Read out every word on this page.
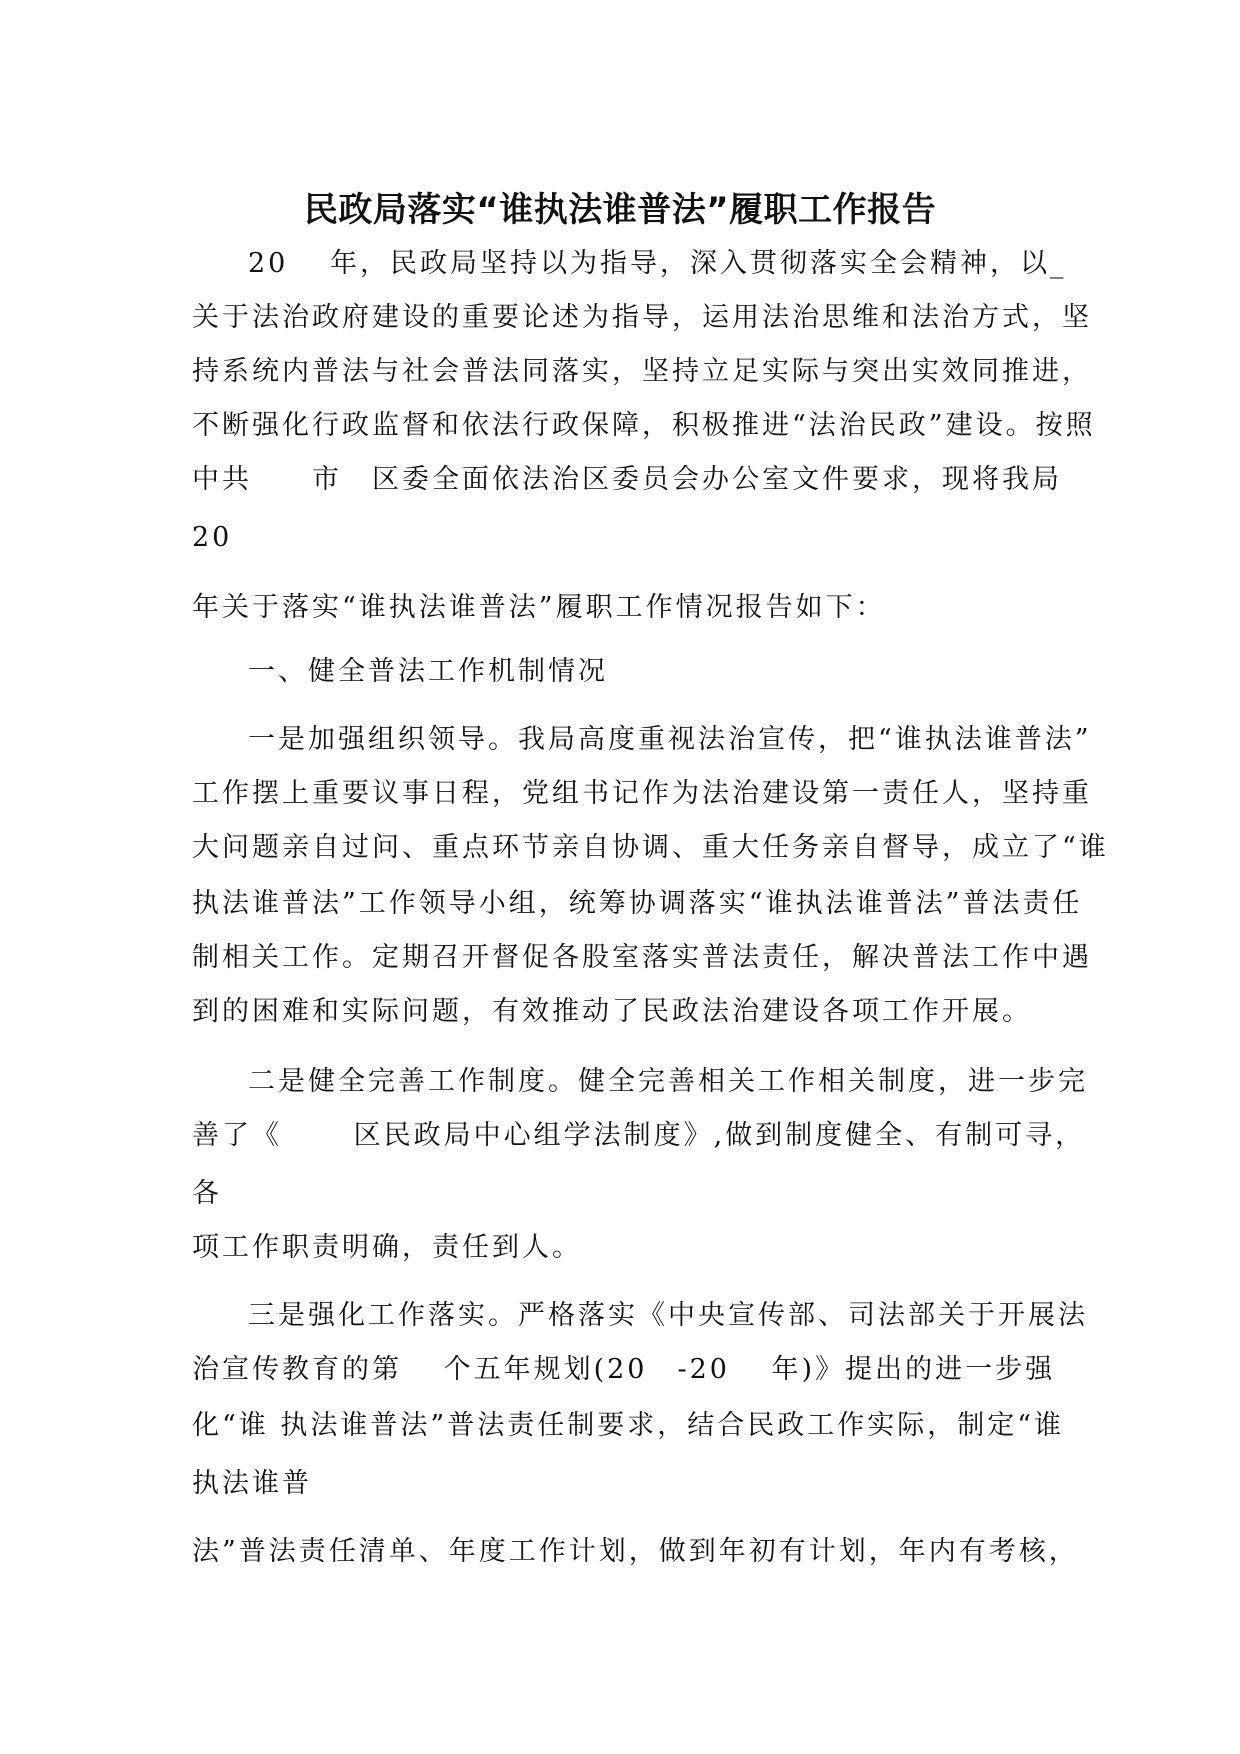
民政局落实“谁执法谁普法”履职工作报告

20　 年，民政局坚持以为指导，深入贯彻落实全会精神，以_

关于法治政府建设的重要论述为指导，运用法治思维和法治方式，坚

持系统内普法与社会普法同落实，坚持立足实际与突出实效同推进，

不断强化行政监督和依法行政保障，积极推进“法治民政”建设。按照

中共　　市　区委全面依法治区委员会办公室文件要求，现将我局

20

年关于落实“谁执法谁普法”履职工作情况报告如下：

一、健全普法工作机制情况

一是加强组织领导。我局高度重视法治宣传，把“谁执法谁普法”

工作摆上重要议事日程，党组书记作为法治建设第一责任人，坚持重

大问题亲自过问、重点环节亲自协调、重大任务亲自督导，成立了“谁

执法谁普法”工作领导小组，统筹协调落实“谁执法谁普法”普法责任

制相关工作。定期召开督促各股室落实普法责任，解决普法工作中遇

到的困难和实际问题，有效推动了民政法治建设各项工作开展。

二是健全完善工作制度。健全完善相关工作相关制度，进一步完

善了《　　 区民政局中心组学法制度》,做到制度健全、有制可寻，

各

项工作职责明确，责任到人。

三是强化工作落实。严格落实《中央宣传部、司法部关于开展法

治宣传教育的第　 个五年规划(20　-20　 年)》提出的进一步强

化“谁 执法谁普法”普法责任制要求，结合民政工作实际，制定“谁

执法谁普

法”普法责任清单、年度工作计划，做到年初有计划，年内有考核，
